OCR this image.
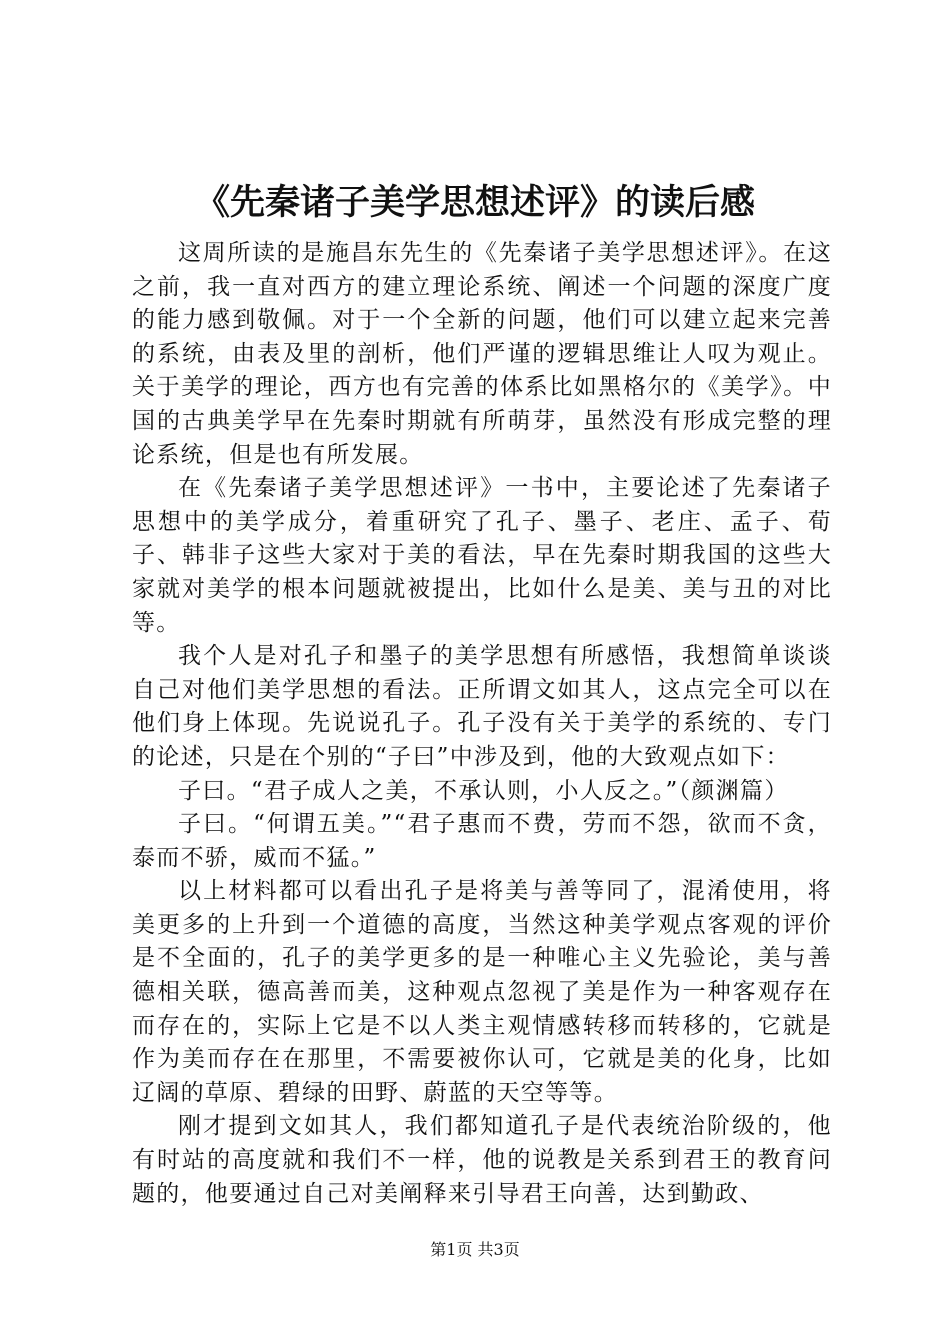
《先秦诸子美学思想述评》的读后感

这周所读的是施昌东先生的《先秦诸子美学思想述评》。在这之前，我一直对西方的建立理论系统、阐述一个问题的深度广度的能力感到敬佩。对于一个全新的问题，他们可以建立起来完善的系统，由表及里的剖析，他们严谨的逻辑思维让人叹为观止。关于美学的理论，西方也有完善的体系比如黑格尔的《美学》。中国的古典美学早在先秦时期就有所萌芽，虽然没有形成完整的理论系统，但是也有所发展。

在《先秦诸子美学思想述评》一书中，主要论述了先秦诸子思想中的美学成分，着重研究了孔子、墨子、老庄、孟子、荀子、韩非子这些大家对于美的看法，早在先秦时期我国的这些大家就对美学的根本问题就被提出，比如什么是美、美与丑的对比等。

我个人是对孔子和墨子的美学思想有所感悟，我想简单谈谈自己对他们美学思想的看法。正所谓文如其人，这点完全可以在他们身上体现。先说说孔子。孔子没有关于美学的系统的、专门的论述，只是在个别的“子曰”中涉及到，他的大致观点如下：

子曰。“君子成人之美，不承认则，小人反之。”（颜渊篇）

子曰。“何谓五美。”“君子惠而不费，劳而不怨，欲而不贪，泰而不骄，威而不猛。”

以上材料都可以看出孔子是将美与善等同了，混淆使用，将美更多的上升到一个道德的高度，当然这种美学观点客观的评价是不全面的，孔子的美学更多的是一种唯心主义先验论，美与善德相关联，德高善而美，这种观点忽视了美是作为一种客观存在而存在的，实际上它是不以人类主观情感转移而转移的，它就是作为美而存在在那里，不需要被你认可，它就是美的化身，比如辽阔的草原、碧绿的田野、蔚蓝的天空等等。

刚才提到文如其人，我们都知道孔子是代表统治阶级的，他有时站的高度就和我们不一样，他的说教是关系到君王的教育问题的，他要通过自己对美阐释来引导君王向善，达到勤政、

第1页 共3页
